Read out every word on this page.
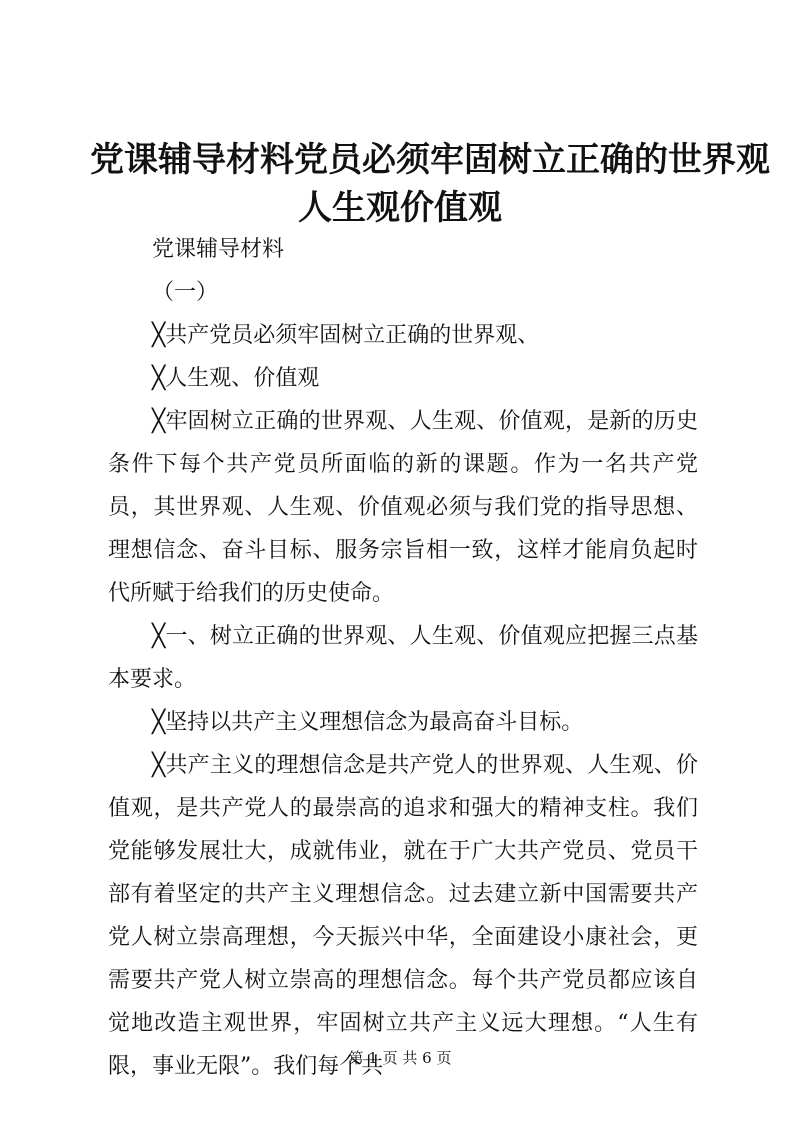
党课辅导材料党员必须牢固树立正确的世界观
人生观价值观

党课辅导材料

（一）

╳共产党员必须牢固树立正确的世界观、

╳人生观、价值观

╳牢固树立正确的世界观、人生观、价值观，是新的历史条件下每个共产党员所面临的新的课题。作为一名共产党员，其世界观、人生观、价值观必须与我们党的指导思想、理想信念、奋斗目标、服务宗旨相一致，这样才能肩负起时代所赋于给我们的历史使命。

╳一、树立正确的世界观、人生观、价值观应把握三点基本要求。

╳坚持以共产主义理想信念为最高奋斗目标。

╳共产主义的理想信念是共产党人的世界观、人生观、价值观，是共产党人的最崇高的追求和强大的精神支柱。我们党能够发展壮大，成就伟业，就在于广大共产党员、党员干部有着坚定的共产主义理想信念。过去建立新中国需要共产党人树立崇高理想，今天振兴中华，全面建设小康社会，更需要共产党人树立崇高的理想信念。每个共产党员都应该自觉地改造主观世界，牢固树立共产主义远大理想。“人生有限，事业无限”。我们每个共

第 1 页 共 6 页
